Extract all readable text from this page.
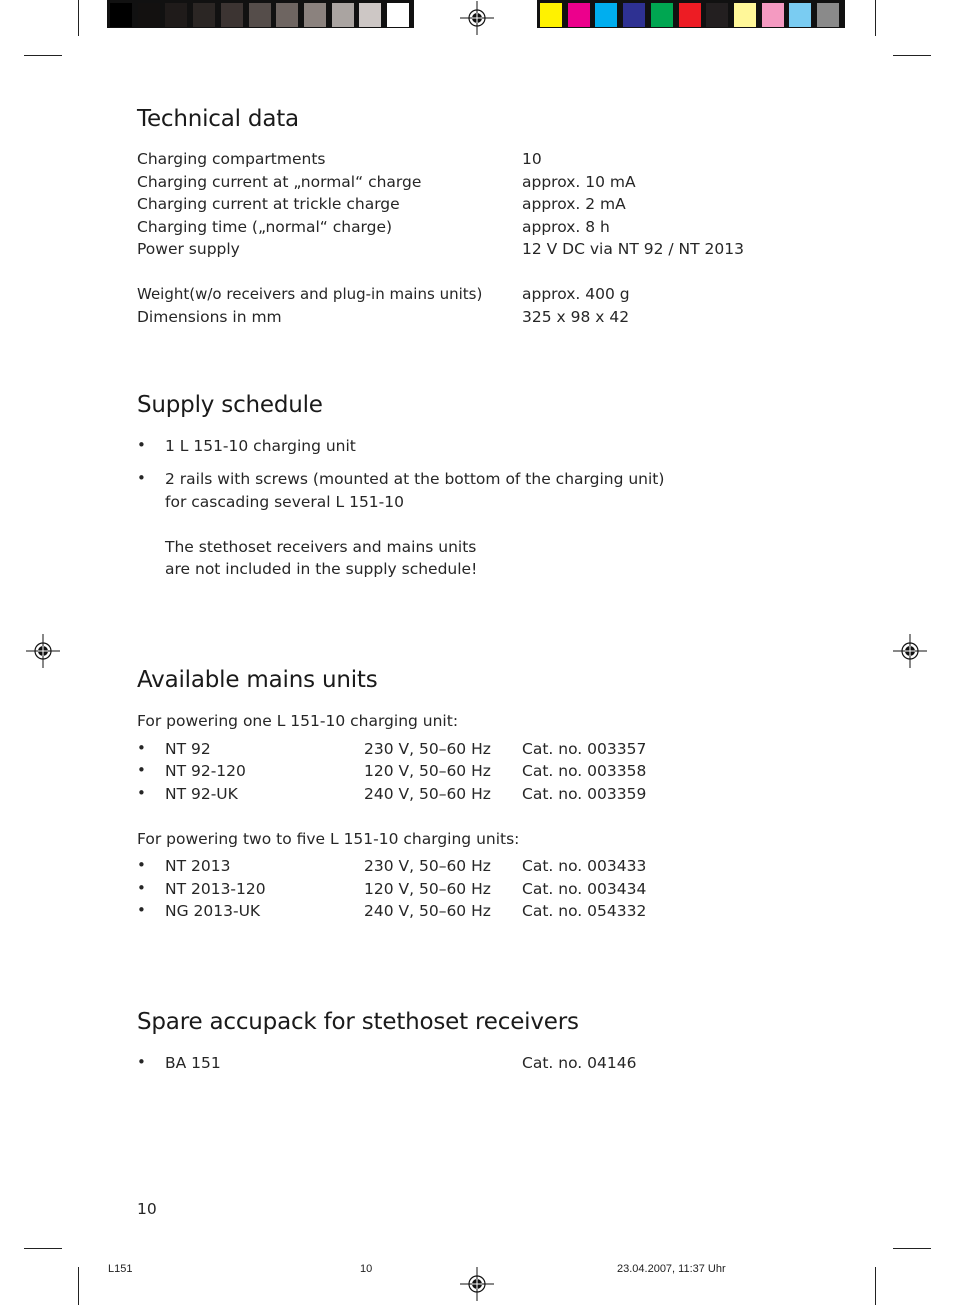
Technical data
Charging compartments	10
Charging current at „normal“ charge	approx. 10 mA
Charging current at trickle charge	approx. 2 mA
Charging time („normal“ charge)	approx. 8 h
Power supply	12 V DC via NT 92 / NT 2013
Weight(w/o receivers and plug-in mains units)	approx. 400 g
Dimensions in mm	325 x 98 x 42
Supply schedule
• 1 L 151-10 charging unit
• 2 rails with screws (mounted at the bottom of the charging unit)
for cascading several L 151-10
The stethoset receivers and mains units
are not included in the supply schedule!
Available mains units
For powering one L 151-10 charging unit:
• NT 92	230 V, 50–60 Hz Cat. no. 003357
• NT 92-120	120 V, 50–60 Hz Cat. no. 003358
• NT 92-UK	240 V, 50–60 Hz Cat. no. 003359
For powering two to five L 151-10 charging units:
• NT 2013	230 V, 50–60 Hz Cat. no. 003433
• NT 2013-120	120 V, 50–60 Hz Cat. no. 003434
• NG 2013-UK	240 V, 50–60 Hz Cat. no. 054332
Spare accupack for stethoset receivers
• BA 151	Cat. no. 04146
10
L151	10	23.04.2007, 11:37 Uhr
